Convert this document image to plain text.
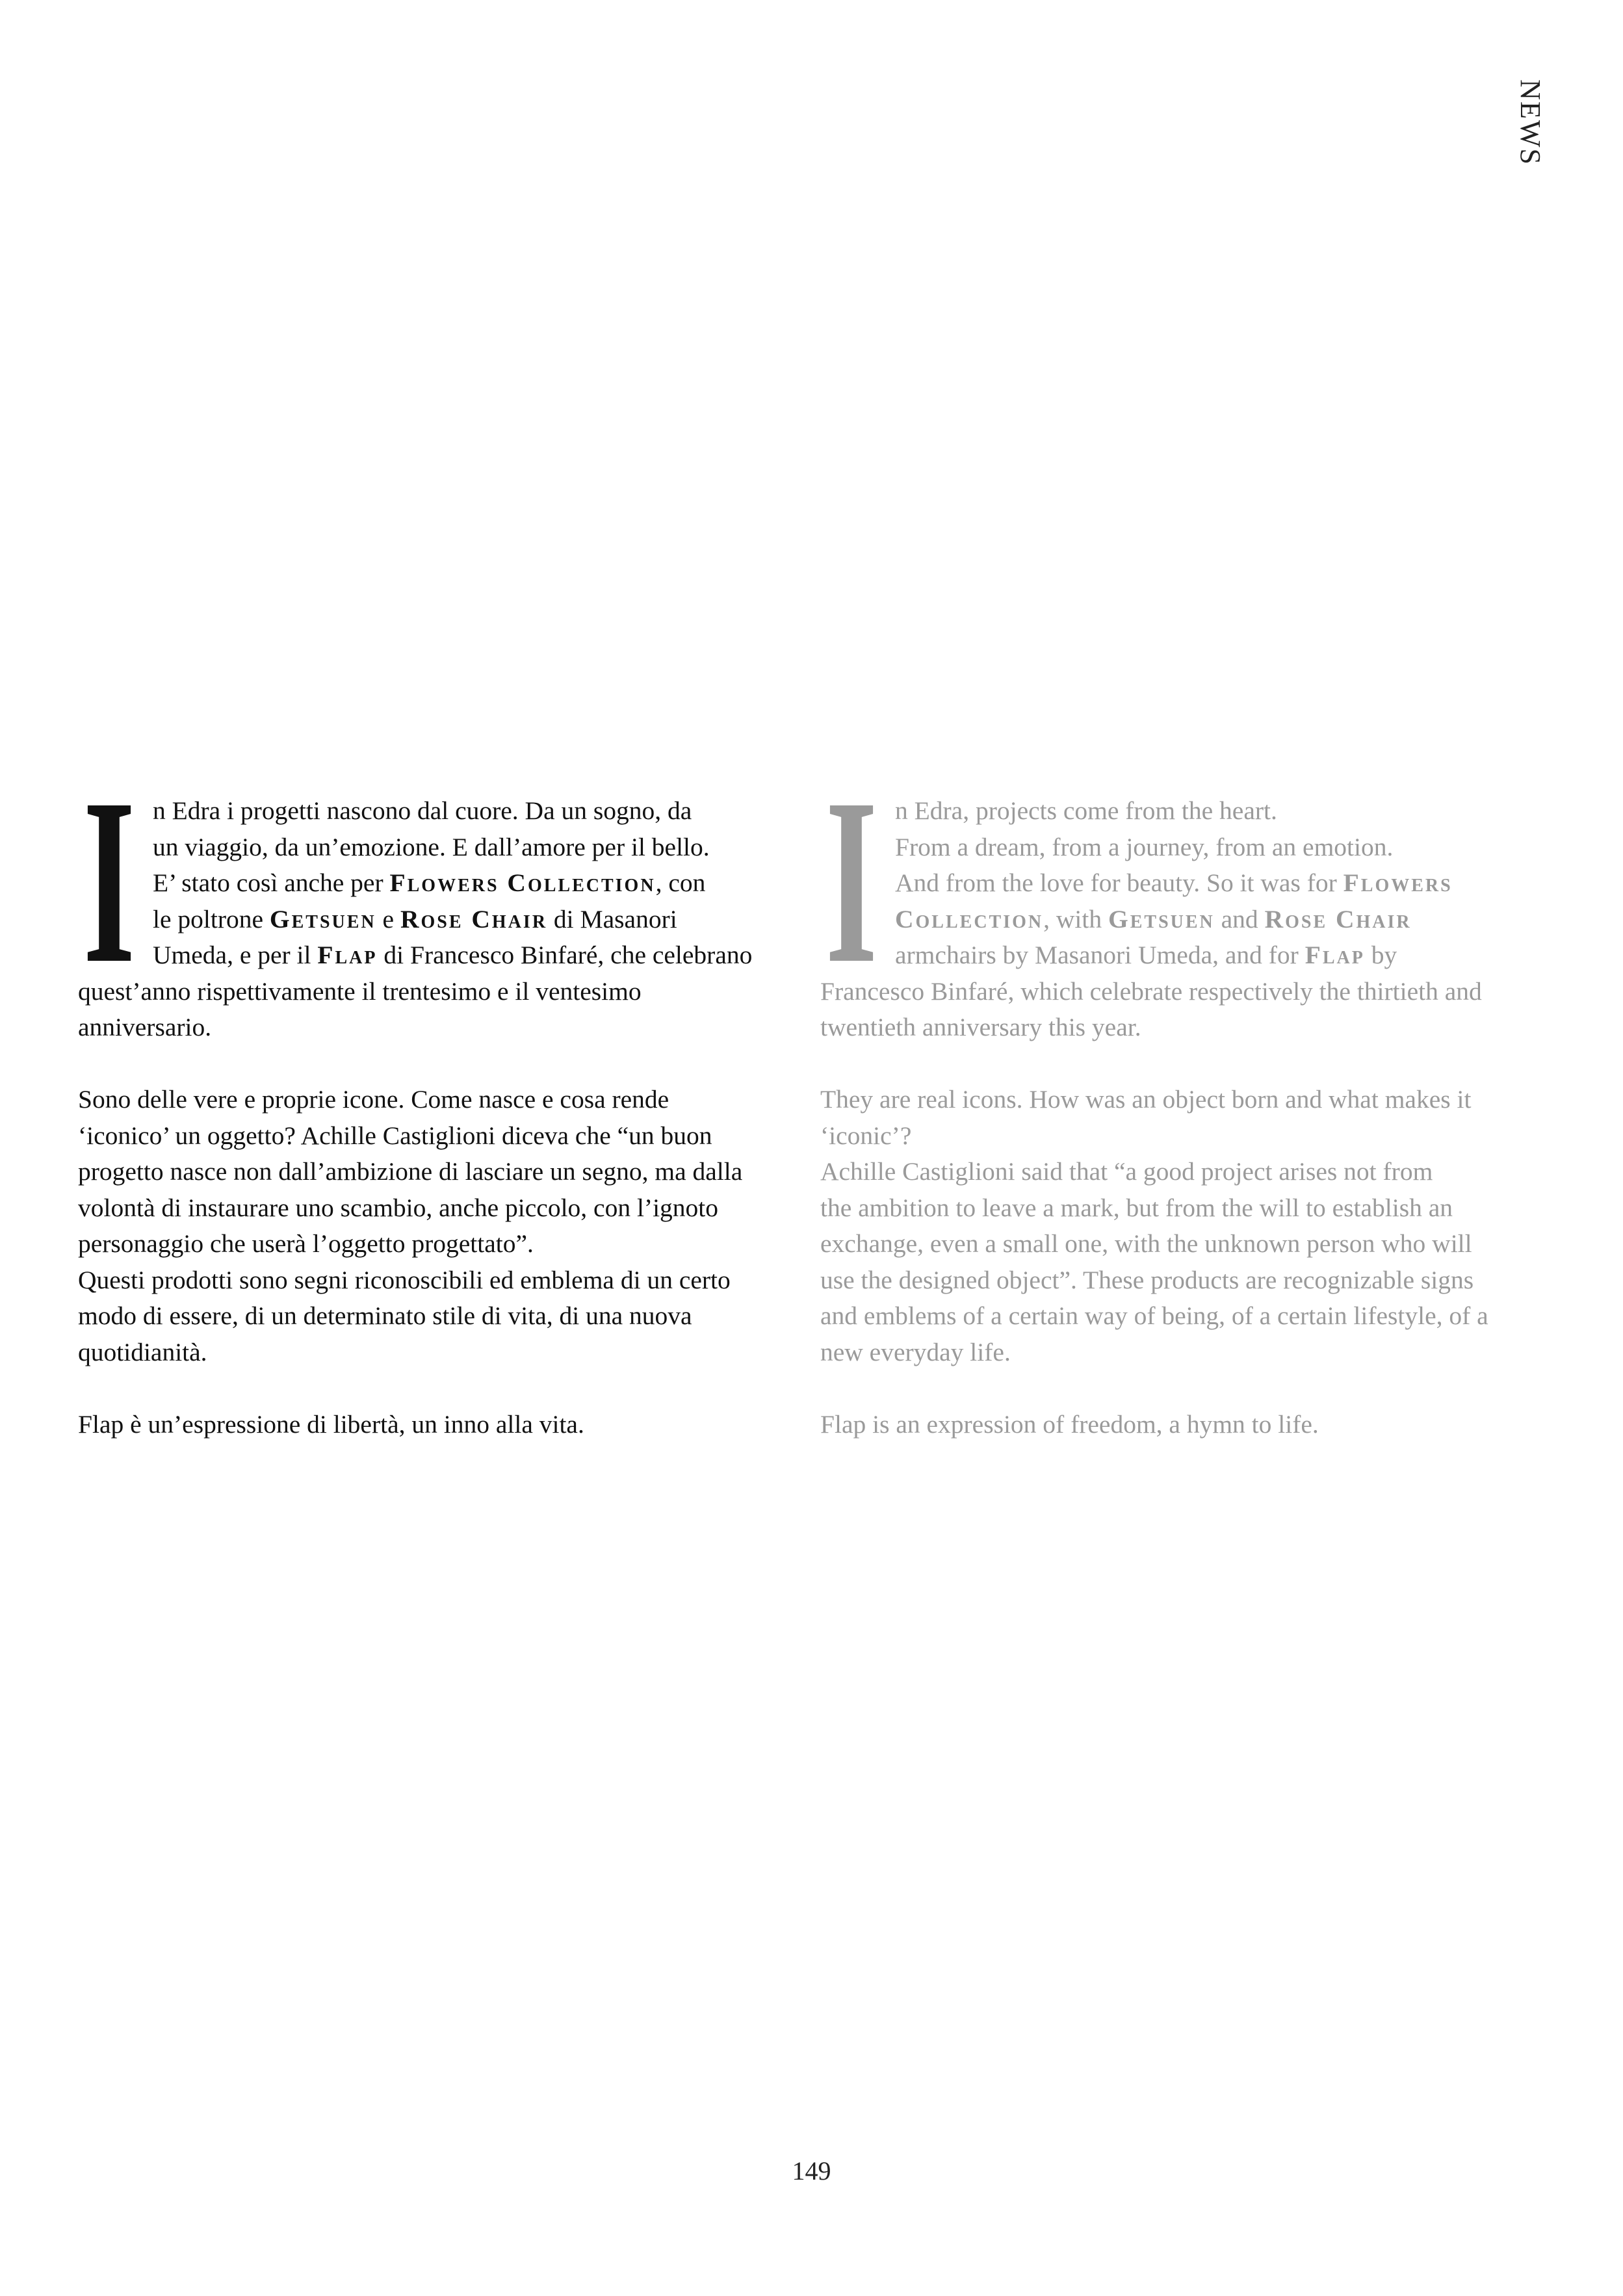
NEWS
I n Edra i progetti nascono dal cuore. Da un sogno, da
un viaggio, da un’emozione. E dall’amore per il bello.
E’ stato così anche per Flowers Collection, con
le poltrone Getsuen e Rose Chair di Masanori
Umeda, e per il Flap di Francesco Binfaré, che celebrano
quest’anno rispettivamente il trentesimo e il ventesimo
anniversario.
Sono delle vere e proprie icone. Come nasce e cosa rende
‘iconico’ un oggetto? Achille Castiglioni diceva che “un buon
progetto nasce non dall’ambizione di lasciare un segno, ma dalla
volontà di instaurare uno scambio, anche piccolo, con l’ignoto
personaggio che userà l’oggetto progettato”.
Questi prodotti sono segni riconoscibili ed emblema di un certo
modo di essere, di un determinato stile di vita, di una nuova
quotidianità.

Flap è un’espressione di libertà, un inno alla vita.

I n Edra, projects come from the heart.
From a dream, from a journey, from an emotion.
And from the love for beauty. So it was for Flowers
Collection, with Getsuen and Rose Chair
armchairs by Masanori Umeda, and for Flap by
Francesco Binfaré, which celebrate respectively the thirtieth and
twentieth anniversary this year.
They are real icons. How was an object born and what makes it
‘iconic’?
Achille Castiglioni said that “a good project arises not from
the ambition to leave a mark, but from the will to establish an
exchange, even a small one, with the unknown person who will
use the designed object”. These products are recognizable signs
and emblems of a certain way of being, of a certain lifestyle, of a
new everyday life.

Flap is an expression of freedom, a hymn to life.

149
